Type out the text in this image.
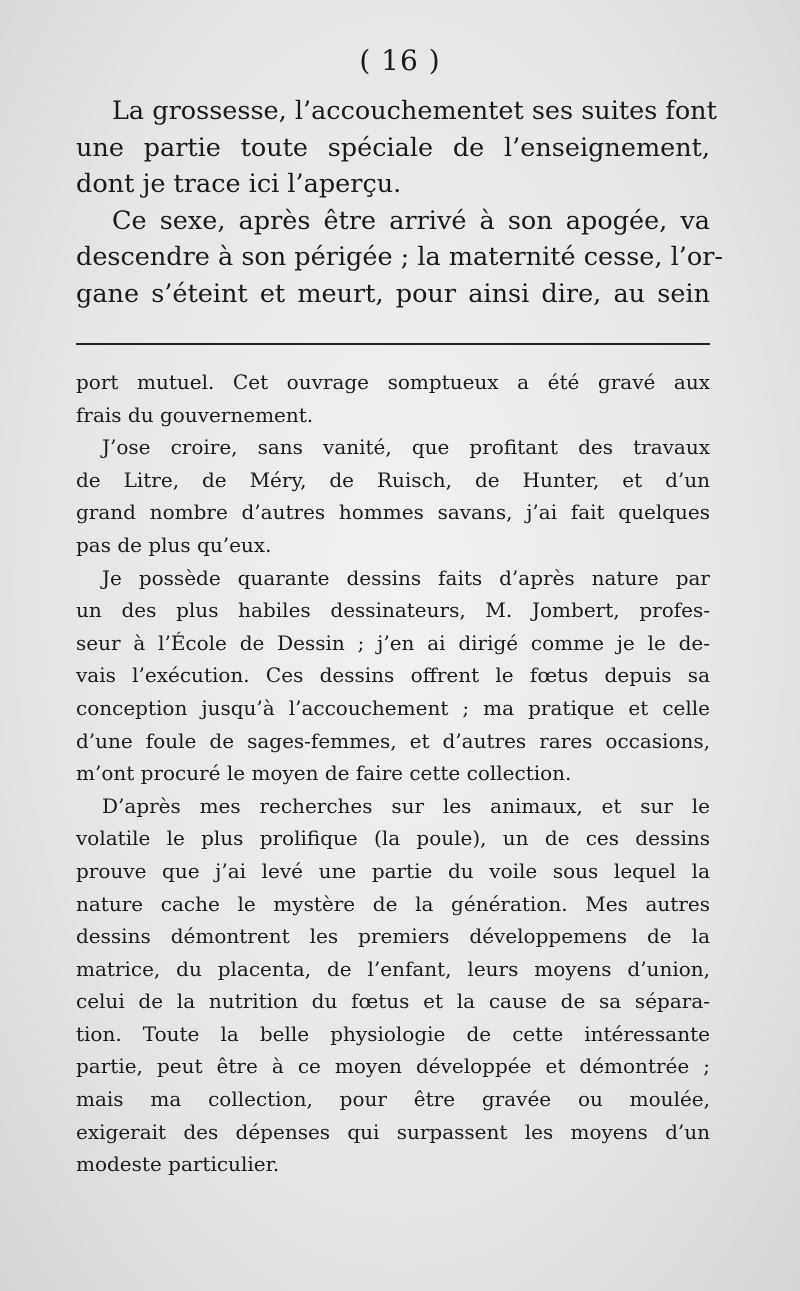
( 16 )

La grossesse, l’accouchementet ses suites font
une partie toute spéciale de l’enseignement,
dont je trace ici l’aperçu.

Ce sexe, après être arrivé à son apogée, va
descendre à son périgée ; la maternité cesse, l’or-
gane s’éteint et meurt, pour ainsi dire, au sein

port mutuel. Cet ouvrage somptueux a été gravé aux
frais du gouvernement.

J’ose croire, sans vanité, que profitant des travaux
de Litre, de Méry, de Ruisch, de Hunter, et d’un
grand nombre d’autres hommes savans, j’ai fait quelques
pas de plus qu’eux.

Je possède quarante dessins faits d’après nature par
un des plus habiles dessinateurs, M. Jombert, profes-
seur à l’École de Dessin ; j’en ai dirigé comme je le de-
vais l’exécution. Ces dessins offrent le fœtus depuis sa
conception jusqu’à l’accouchement ; ma pratique et celle
d’une foule de sages-femmes, et d’autres rares occasions,
m’ont procuré le moyen de faire cette collection.

D’après mes recherches sur les animaux, et sur le
volatile le plus prolifique (la poule), un de ces dessins
prouve que j’ai levé une partie du voile sous lequel la
nature cache le mystère de la génération. Mes autres
dessins démontrent les premiers développemens de la
matrice, du placenta, de l’enfant, leurs moyens d’union,
celui de la nutrition du fœtus et la cause de sa sépara-
tion. Toute la belle physiologie de cette intéressante
partie, peut être à ce moyen développée et démontrée ;
mais ma collection, pour être gravée ou moulée,
exigerait des dépenses qui surpassent les moyens d’un
modeste particulier.
